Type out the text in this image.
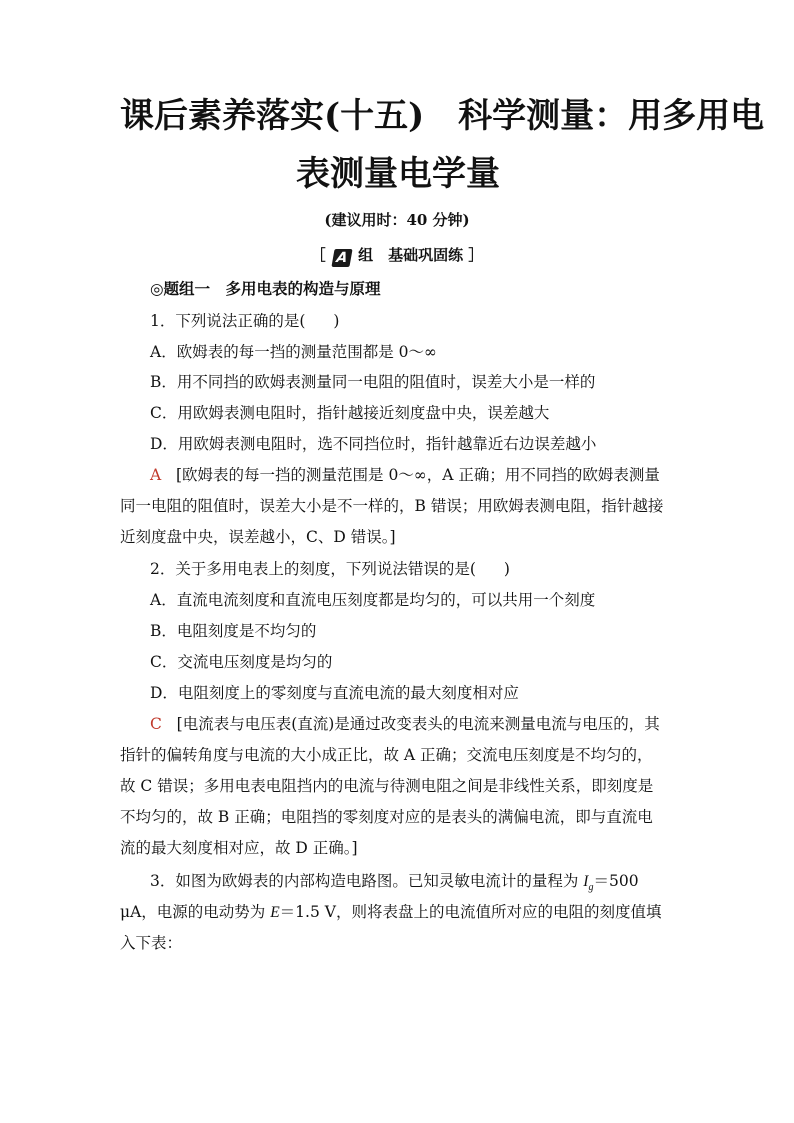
课后素养落实(十五)　科学测量：用多用电
表测量电学量
(建议用时：40 分钟)
［ A 组　基础巩固练 ］
◎题组一　多用电表的构造与原理
1．下列说法正确的是( )
A．欧姆表的每一挡的测量范围都是 0～∞
B．用不同挡的欧姆表测量同一电阻的阻值时，误差大小是一样的
C．用欧姆表测电阻时，指针越接近刻度盘中央，误差越大
D．用欧姆表测电阻时，选不同挡位时，指针越靠近右边误差越小
A [欧姆表的每一挡的测量范围是 0～∞，A 正确；用不同挡的欧姆表测量
同一电阻的阻值时，误差大小是不一样的，B 错误；用欧姆表测电阻，指针越接
近刻度盘中央，误差越小，C、D 错误。]
2．关于多用电表上的刻度，下列说法错误的是( )
A．直流电流刻度和直流电压刻度都是均匀的，可以共用一个刻度
B．电阻刻度是不均匀的
C．交流电压刻度是均匀的
D．电阻刻度上的零刻度与直流电流的最大刻度相对应
C [电流表与电压表(直流)是通过改变表头的电流来测量电流与电压的，其
指针的偏转角度与电流的大小成正比，故 A 正确；交流电压刻度是不均匀的，
故 C 错误；多用电表电阻挡内的电流与待测电阻之间是非线性关系，即刻度是
不均匀的，故 B 正确；电阻挡的零刻度对应的是表头的满偏电流，即与直流电
流的最大刻度相对应，故 D 正确。]
3．如图为欧姆表的内部构造电路图。已知灵敏电流计的量程为 $I_g=500$
μA，电源的电动势为 E＝1.5 V，则将表盘上的电流值所对应的电阻的刻度值填
入下表：
